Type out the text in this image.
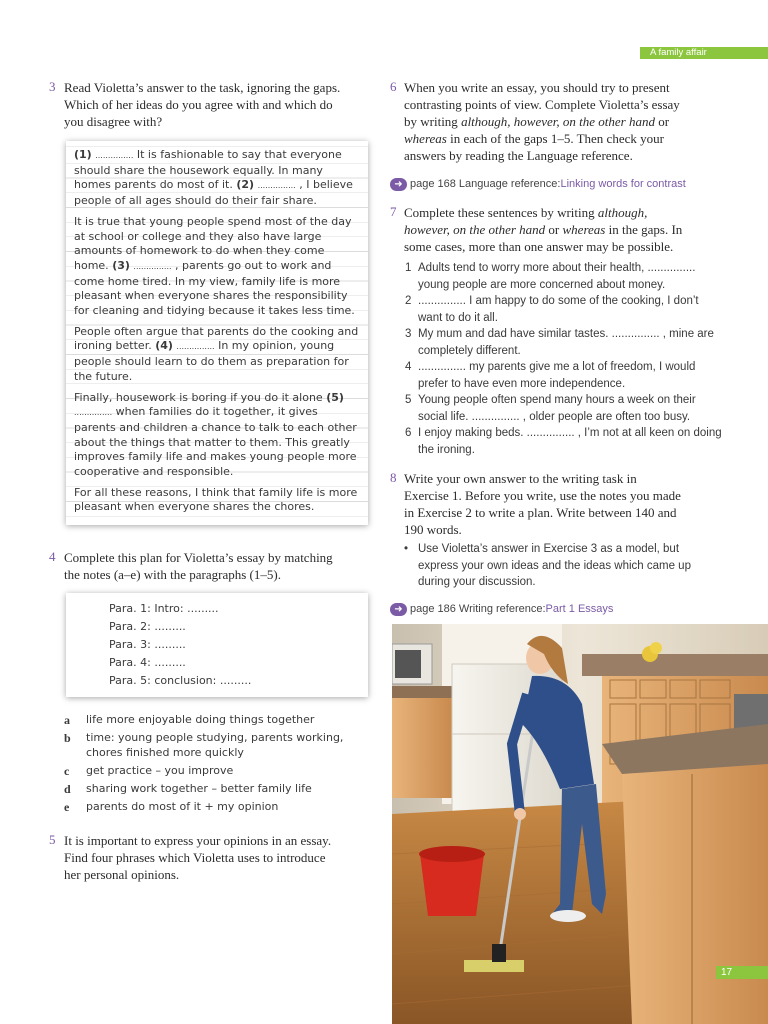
A family affair
3 Read Violetta’s answer to the task, ignoring the gaps.
Which of her ideas do you agree with and which do
you disagree with?

(1) ............... It is fashionable to say that everyone should share the housework equally. In many homes parents do most of it. (2) ............... , I believe people of all ages should do their fair share.

It is true that young people spend most of the day at school or college and they also have large amounts of homework to do when they come home. (3) ............... , parents go out to work and come home tired. In my view, family life is more pleasant when everyone shares the responsibility for cleaning and tidying because it takes less time.

People often argue that parents do the cooking and ironing better. (4) ............... In my opinion, young people should learn to do them as preparation for the future.

Finally, housework is boring if you do it alone (5) ............... when families do it together, it gives parents and children a chance to talk to each other about the things that matter to them. This greatly improves family life and makes young people more cooperative and responsible.

For all these reasons, I think that family life is more pleasant when everyone shares the chores.

4 Complete this plan for Violetta’s essay by matching
the notes (a–e) with the paragraphs (1–5).
Para. 1: Intro: .........
Para. 2: .........
Para. 3: .........
Para. 4: .........
Para. 5: conclusion: .........
a	life more enjoyable doing things together
b	time: young people studying, parents working, chores finished more quickly
c	get practice – you improve
d	sharing work together – better family life
e	parents do most of it + my opinion
5 It is important to express your opinions in an essay.
Find four phrases which Violetta uses to introduce
her personal opinions.
6 When you write an essay, you should try to present
contrasting points of view. Complete Violetta’s essay
by writing although, however, on the other hand or
whereas in each of the gaps 1–5. Then check your
answers by reading the Language reference.
➜ page 168 Language reference: Linking words for contrast
7 Complete these sentences by writing although,
however, on the other hand or whereas in the gaps. In
some cases, more than one answer may be possible.
1 Adults tend to worry more about their health, ............... young people are more concerned about money.
2 ............... I am happy to do some of the cooking, I don’t want to do it all.
3 My mum and dad have similar tastes. ............... , mine are completely different.
4 ............... my parents give me a lot of freedom, I would prefer to have even more independence.
5 Young people often spend many hours a week on their social life. ............... , older people are often too busy.
6 I enjoy making beds. ............... , I’m not at all keen on doing the ironing.
8 Write your own answer to the writing task in
Exercise 1. Before you write, use the notes you made
in Exercise 2 to write a plan. Write between 140 and
190 words.
• Use Violetta’s answer in Exercise 3 as a model, but express your own ideas and the ideas which came up during your discussion.
➜ page 186 Writing reference: Part 1 Essays
17
